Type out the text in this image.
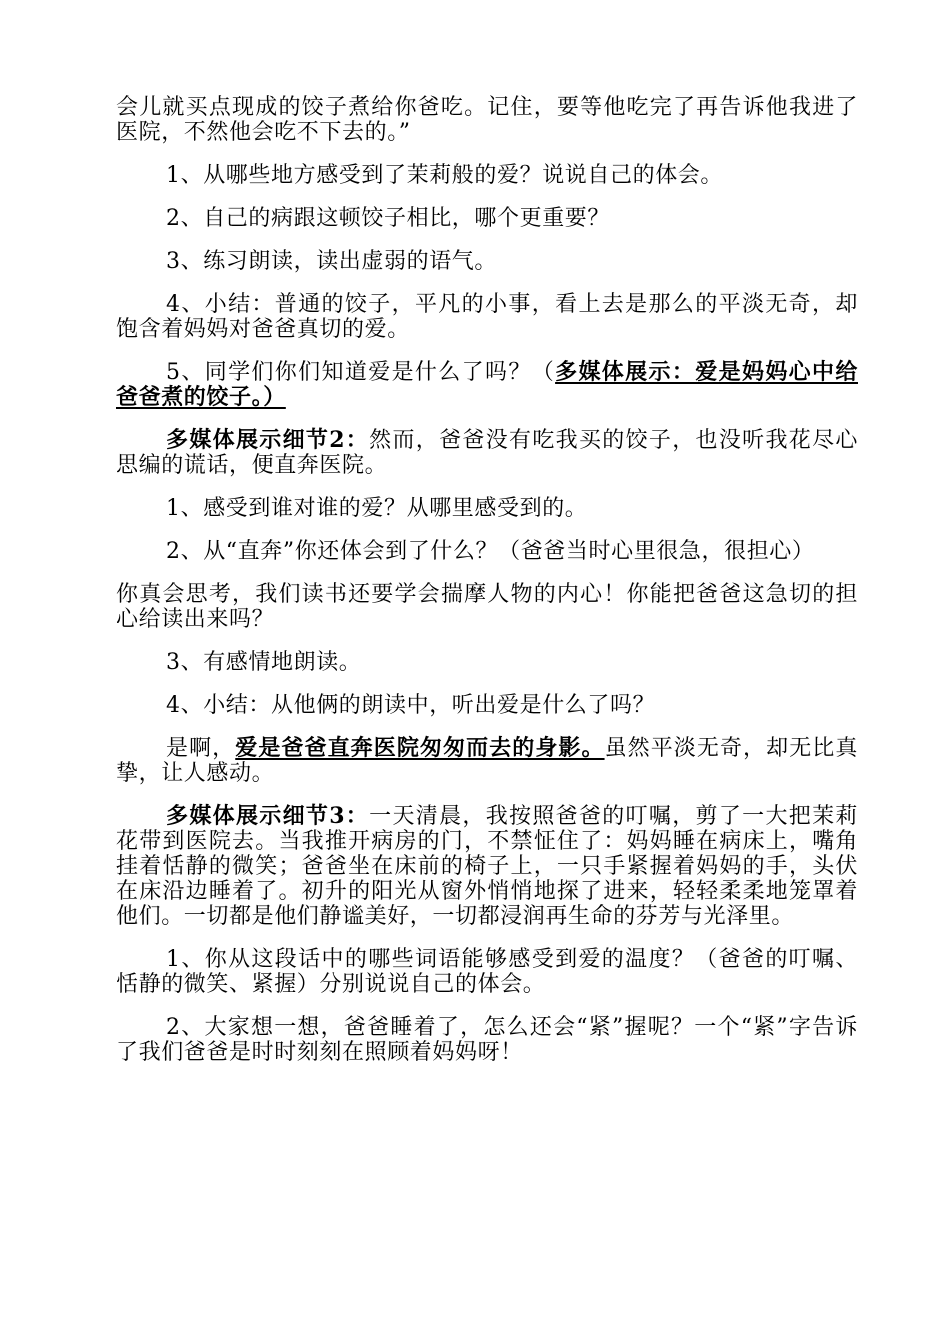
会儿就买点现成的饺子煮给你爸吃。记住，要等他吃完了再告诉他我进了医院，不然他会吃不下去的。”

1、从哪些地方感受到了茉莉般的爱？说说自己的体会。

2、自己的病跟这顿饺子相比，哪个更重要？

3、练习朗读，读出虚弱的语气。

4、小结：普通的饺子，平凡的小事，看上去是那么的平淡无奇，却饱含着妈妈对爸爸真切的爱。

5、同学们你们知道爱是什么了吗？（多媒体展示：爱是妈妈心中给爸爸煮的饺子。）

多媒体展示细节2：然而，爸爸没有吃我买的饺子，也没听我花尽心思编的谎话，便直奔医院。

1、感受到谁对谁的爱？从哪里感受到的。

2、从“直奔”你还体会到了什么？（爸爸当时心里很急，很担心）

你真会思考，我们读书还要学会揣摩人物的内心！你能把爸爸这急切的担心给读出来吗？

3、有感情地朗读。

4、小结：从他俩的朗读中，听出爱是什么了吗？

是啊，爱是爸爸直奔医院匆匆而去的身影。虽然平淡无奇，却无比真挚，让人感动。

多媒体展示细节3：一天清晨，我按照爸爸的叮嘱，剪了一大把茉莉花带到医院去。当我推开病房的门，不禁怔住了：妈妈睡在病床上，嘴角挂着恬静的微笑；爸爸坐在床前的椅子上，一只手紧握着妈妈的手，头伏在床沿边睡着了。初升的阳光从窗外悄悄地探了进来，轻轻柔柔地笼罩着他们。一切都是他们静谧美好，一切都浸润再生命的芬芳与光泽里。

1、你从这段话中的哪些词语能够感受到爱的温度？（爸爸的叮嘱、恬静的微笑、紧握）分别说说自己的体会。

2、大家想一想，爸爸睡着了，怎么还会“紧”握呢？一个“紧”字告诉了我们爸爸是时时刻刻在照顾着妈妈呀！
